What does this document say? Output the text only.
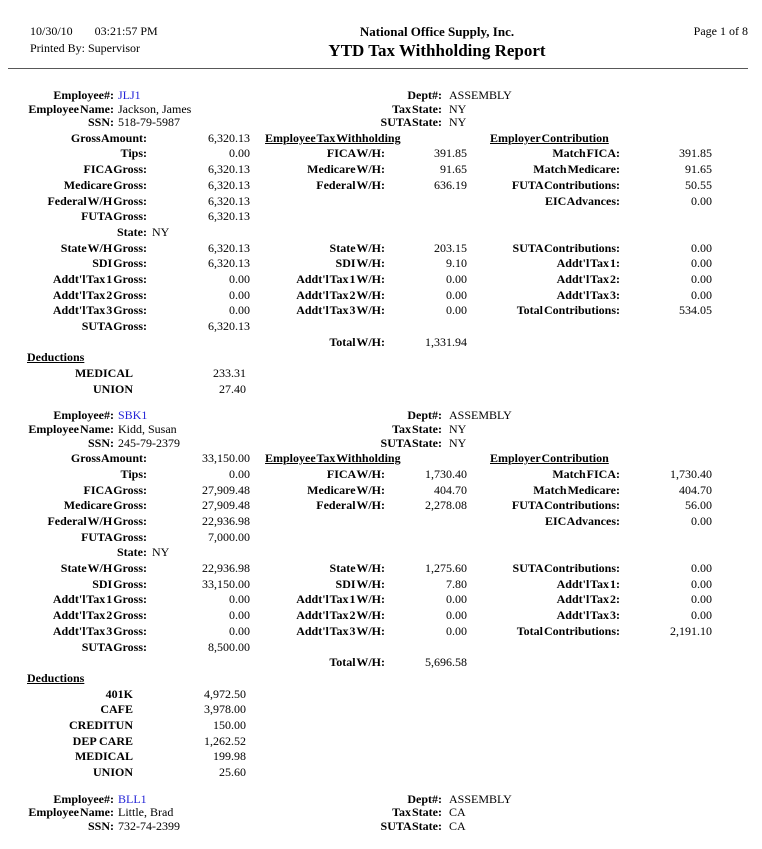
10/30/10 03:21:57 PM
Printed By: Supervisor
National Office Supply, Inc.
YTD Tax Withholding Report
Page 1 of 8
Employee#: JLJ1	Dept#: ASSEMBLY
Employee Name: Jackson, James	Tax State: NY
SSN: 518-79-5987	SUTA State: NY
Gross Amount:	6,320.13	Employee Tax Withholding	Employer Contribution
Tips:	0.00	FICA W/H:	391.85	Match FICA:	391.85
FICA Gross:	6,320.13	Medicare W/H:	91.65	Match Medicare:	91.65
Medicare Gross:	6,320.13	Federal W/H:	636.19	FUTA Contributions:	50.55
Federal W/H Gross:	6,320.13	EIC Advances:	0.00
FUTA Gross:	6,320.13
State: NY
State W/H Gross:	6,320.13	State W/H:	203.15	SUTA Contributions:	0.00
SDI Gross:	6,320.13	SDI W/H:	9.10	Addt'l Tax 1:	0.00
Addt'l Tax 1 Gross:	0.00	Addt'l Tax 1 W/H:	0.00	Addt'l Tax 2:	0.00
Addt'l Tax 2 Gross:	0.00	Addt'l Tax 2 W/H:	0.00	Addt'l Tax 3:	0.00
Addt'l Tax 3 Gross:	0.00	Addt'l Tax 3 W/H:	0.00	Total Contributions:	534.05
SUTA Gross:	6,320.13
Total W/H:	1,331.94
Deductions
MEDICAL	233.31
UNION	27.40
Employee#: SBK1	Dept#: ASSEMBLY
Employee Name: Kidd, Susan	Tax State: NY
SSN: 245-79-2379	SUTA State: NY
Gross Amount:	33,150.00	Employee Tax Withholding	Employer Contribution
Tips:	0.00	FICA W/H:	1,730.40	Match FICA:	1,730.40
FICA Gross:	27,909.48	Medicare W/H:	404.70	Match Medicare:	404.70
Medicare Gross:	27,909.48	Federal W/H:	2,278.08	FUTA Contributions:	56.00
Federal W/H Gross:	22,936.98	EIC Advances:	0.00
FUTA Gross:	7,000.00
State: NY
State W/H Gross:	22,936.98	State W/H:	1,275.60	SUTA Contributions:	0.00
SDI Gross:	33,150.00	SDI W/H:	7.80	Addt'l Tax 1:	0.00
Addt'l Tax 1 Gross:	0.00	Addt'l Tax 1 W/H:	0.00	Addt'l Tax 2:	0.00
Addt'l Tax 2 Gross:	0.00	Addt'l Tax 2 W/H:	0.00	Addt'l Tax 3:	0.00
Addt'l Tax 3 Gross:	0.00	Addt'l Tax 3 W/H:	0.00	Total Contributions:	2,191.10
SUTA Gross:	8,500.00
Total W/H:	5,696.58
Deductions
401K	4,972.50
CAFE	3,978.00
CREDITUN	150.00
DEP CARE	1,262.52
MEDICAL	199.98
UNION	25.60
Employee#: BLL1	Dept#: ASSEMBLY
Employee Name: Little, Brad	Tax State: CA
SSN: 732-74-2399	SUTA State: CA
